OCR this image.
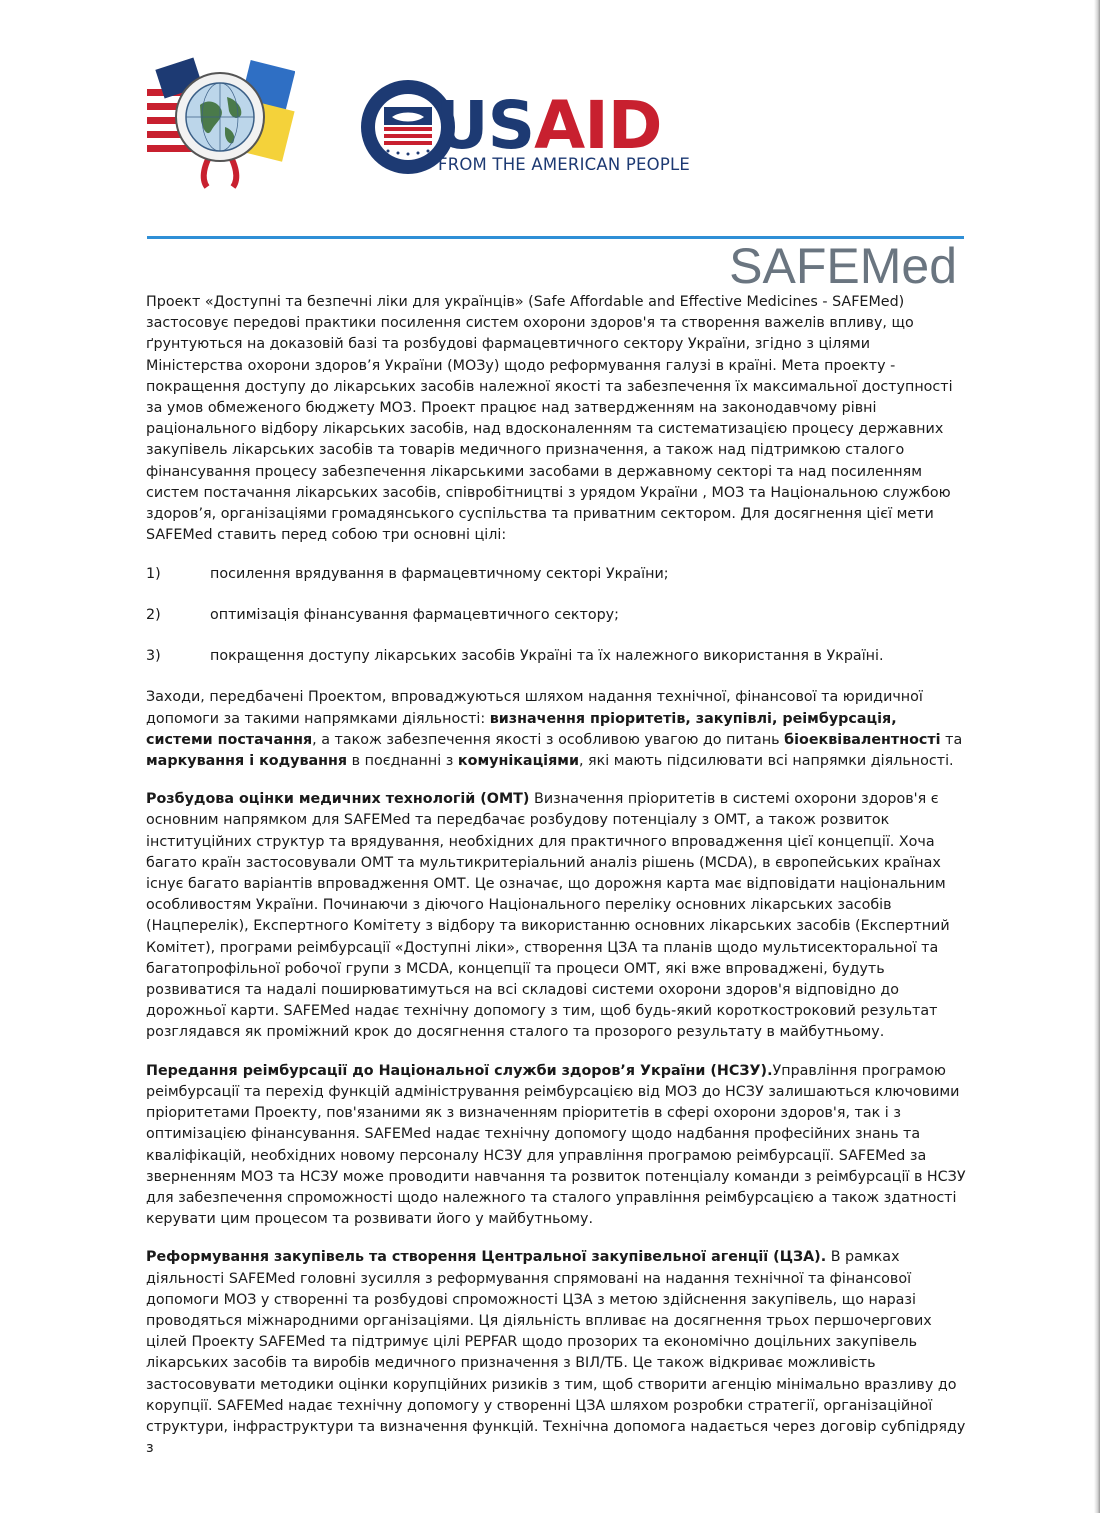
USAID
FROM THE AMERICAN PEOPLE
SAFEMed

Проект «Доступні та безпечні ліки для українців» (Safe Affordable and Effective Medicines - SAFEMed) застосовує передові практики посилення систем охорони здоров'я та створення важелів впливу, що ґрунтуються на доказовій базі та розбудові фармацевтичного сектору України, згідно з цілями Міністерства охорони здоров’я України (МОЗу) щодо реформування галузі в країні. Мета проекту - покращення доступу до лікарських засобів належної якості та забезпечення їх максимальної доступності за умов обмеженого бюджету МОЗ. Проект працює над затвердженням на законодавчому рівні раціонального відбору лікарських засобів, над вдосконаленням та систематизацією процесу державних закупівель лікарських засобів та товарів медичного призначення, а також над підтримкою сталого фінансування процесу забезпечення лікарськими засобами в державному секторі та над посиленням систем постачання лікарських засобів, співробітництві з урядом України , МОЗ та Національною службою здоров’я, організаціями громадянського суспільства та приватним сектором. Для досягнення цієї мети SAFEMed ставить перед собою три основні цілі:

1)	посилення врядування в фармацевтичному секторі України;
2)	оптимізація фінансування фармацевтичного сектору;
3)	покращення доступу лікарських засобів Україні та їх належного використання в Україні.

Заходи, передбачені Проектом, впроваджуються шляхом надання технічної, фінансової та юридичної допомоги за такими напрямками діяльності: визначення пріоритетів, закупівлі, реімбурсація, системи постачання, а також забезпечення якості з особливою увагою до питань біоеквівалентності та маркування і кодування в поєднанні з комунікаціями, які мають підсилювати всі напрямки діяльності.

Розбудова оцінки медичних технологій (ОМТ) Визначення пріоритетів в системі охорони здоров'я є основним напрямком для SAFEMed та передбачає розбудову потенціалу з ОМТ, а також розвиток інституційних структур та врядування, необхідних для практичного впровадження цієї концепції. Хоча багато країн застосовували ОМТ та мультикритеріальний аналіз рішень (MCDA), в європейських країнах існує багато варіантів впровадження ОМТ. Це означає, що дорожня карта має відповідати національним особливостям України. Починаючи з діючого Національного переліку основних лікарських засобів (Нацперелік), Експертного Комітету з відбору та використанню основних лікарських засобів (Експертний Комітет), програми реімбурсації «Доступні ліки», створення ЦЗА та планів щодо мультисекторальної та багатопрофільної робочої групи з MCDA, концепції та процеси ОМТ, які вже впроваджені, будуть розвиватися та надалі поширюватимуться на всі складові системи охорони здоров'я відповідно до дорожньої карти. SAFEMed надає технічну допомогу з тим, щоб будь-який короткостроковий результат розглядався як проміжний крок до досягнення сталого та прозорого результату в майбутньому.

Передання реімбурсації до Національної служби здоров’я України (НСЗУ).Управління програмою реімбурсації та перехід функцій адміністрування реімбурсацією від МОЗ до НСЗУ залишаються ключовими пріоритетами Проекту, пов'язаними як з визначенням пріоритетів в сфері охорони здоров'я, так і з оптимізацією фінансування. SAFEMed надає технічну допомогу щодо надбання професійних знань та кваліфікацій, необхідних новому персоналу НСЗУ для управління програмою реімбурсації. SAFEMed за зверненням МОЗ та НСЗУ може проводити навчання та розвиток потенціалу команди з реімбурсації в НСЗУ для забезпечення спроможності щодо належного та сталого управління реімбурсацією а також здатності керувати цим процесом та розвивати його у майбутньому.

Реформування закупівель та створення Центральної закупівельної агенції (ЦЗА). В рамках діяльності SAFEMed головні зусилля з реформування спрямовані на надання технічної та фінансової допомоги МОЗ у створенні та розбудові спроможності ЦЗА з метою здійснення закупівель, що наразі проводяться міжнародними організаціями. Ця діяльність впливає на досягнення трьох першочергових цілей Проекту SAFEMed та підтримує цілі PEPFAR щодо прозорих та економічно доцільних закупівель лікарських засобів та виробів медичного призначення з ВІЛ/ТБ. Це також відкриває можливість застосовувати методики оцінки корупційних ризиків з тим, щоб створити агенцію мінімально вразливу до корупції. SAFEMed надає технічну допомогу у створенні ЦЗА шляхом розробки стратегії, організаційної структури, інфраструктури та визначення функцій. Технічна допомога надається через договір субпідряду з
